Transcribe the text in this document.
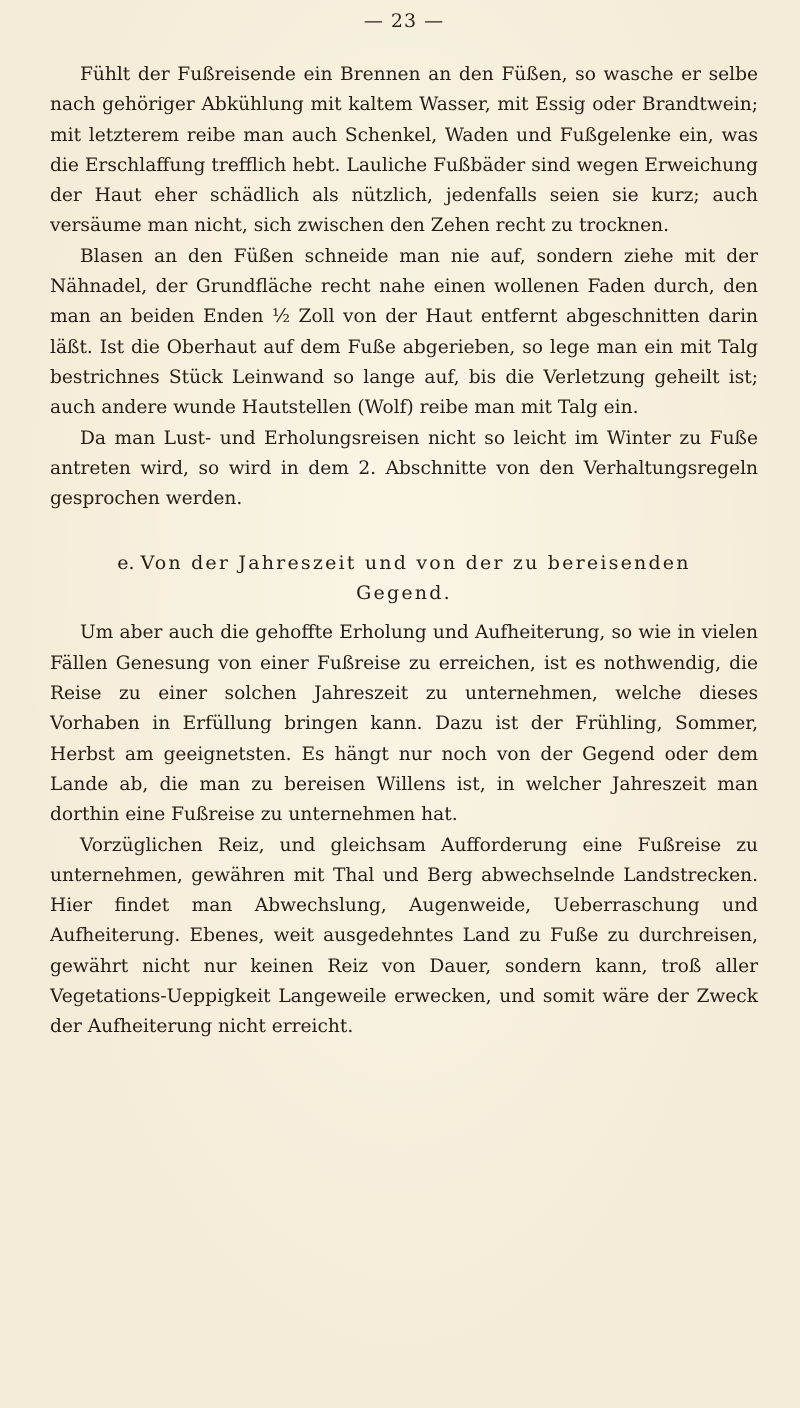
— 23 —

Fühlt der Fußreisende ein Brennen an den Füßen, so wasche er selbe nach gehöriger Abkühlung mit kaltem Wasser, mit Essig oder Brandtwein; mit letzterem reibe man auch Schenkel, Waden und Fußgelenke ein, was die Erschlaffung trefflich hebt. Lauliche Fußbäder sind wegen Erweichung der Haut eher schädlich als nützlich, jedenfalls seien sie kurz; auch versäume man nicht, sich zwischen den Zehen recht zu trocknen.

Blasen an den Füßen schneide man nie auf, sondern ziehe mit der Nähnadel, der Grundfläche recht nahe einen wollenen Faden durch, den man an beiden Enden ½ Zoll von der Haut entfernt abgeschnitten darin läßt. Ist die Oberhaut auf dem Fuße abgerieben, so lege man ein mit Talg bestrichnes Stück Leinwand so lange auf, bis die Verletzung geheilt ist; auch andere wunde Hautstellen (Wolf) reibe man mit Talg ein.

Da man Lust- und Erholungsreisen nicht so leicht im Winter zu Fuße antreten wird, so wird in dem 2. Abschnitte von den Verhaltungsregeln gesprochen werden.

e. Von der Jahreszeit und von der zu bereisenden Gegend.

Um aber auch die gehoffte Erholung und Aufheiterung, so wie in vielen Fällen Genesung von einer Fußreise zu erreichen, ist es nothwendig, die Reise zu einer solchen Jahreszeit zu unternehmen, welche dieses Vorhaben in Erfüllung bringen kann. Dazu ist der Frühling, Sommer, Herbst am geeignetsten. Es hängt nur noch von der Gegend oder dem Lande ab, die man zu bereisen Willens ist, in welcher Jahreszeit man dorthin eine Fußreise zu unternehmen hat.

Vorzüglichen Reiz, und gleichsam Aufforderung eine Fußreise zu unternehmen, gewähren mit Thal und Berg abwechselnde Landstrecken. Hier findet man Abwechslung, Augenweide, Ueberraschung und Aufheiterung. Ebenes, weit ausgedehntes Land zu Fuße zu durchreisen, gewährt nicht nur keinen Reiz von Dauer, sondern kann, troß aller Vegetations-Ueppigkeit Langeweile erwecken, und somit wäre der Zweck der Aufheiterung nicht erreicht.
